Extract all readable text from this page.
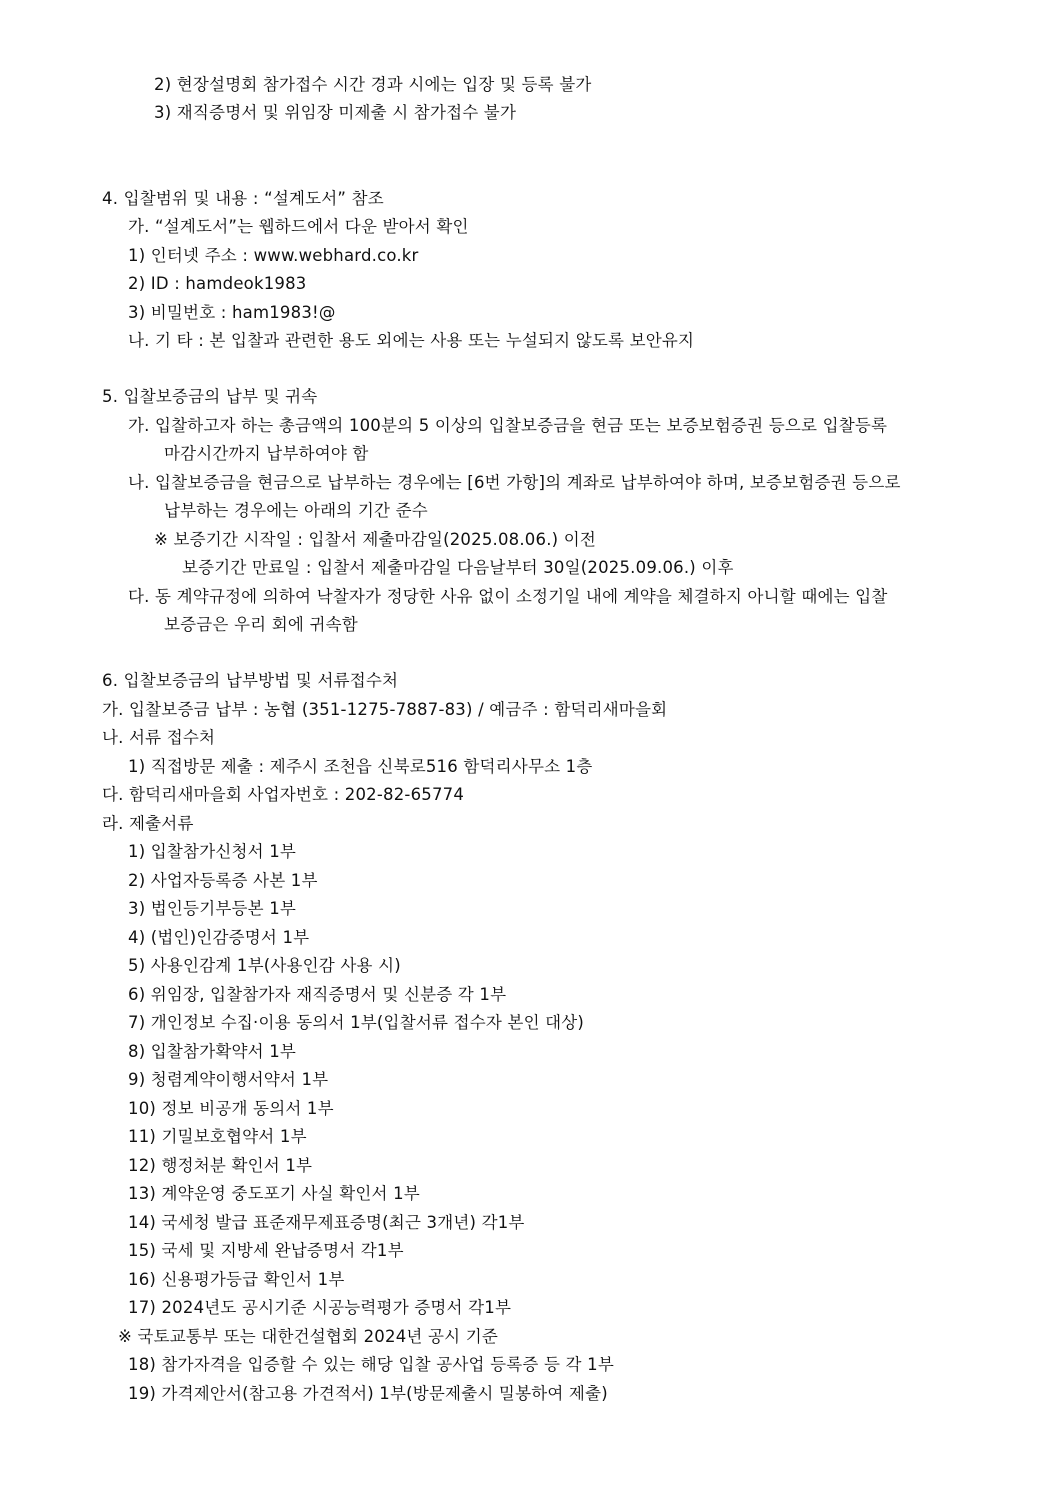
2) 현장설명회 참가접수 시간 경과 시에는 입장 및 등록 불가
3) 재직증명서 및 위임장 미제출 시 참가접수 불가
4. 입찰범위 및 내용 : “설계도서” 참조
가. “설계도서”는 웹하드에서 다운 받아서 확인
1) 인터넷 주소 : www.webhard.co.kr
2) ID : hamdeok1983
3) 비밀번호 : ham1983!@
나. 기 타 : 본 입찰과 관련한 용도 외에는 사용 또는 누설되지 않도록 보안유지
5. 입찰보증금의 납부 및 귀속
가. 입찰하고자 하는 총금액의 100분의 5 이상의 입찰보증금을 현금 또는 보증보험증권 등으로 입찰등록
마감시간까지 납부하여야 함
나. 입찰보증금을 현금으로 납부하는 경우에는 [6번 가항]의 계좌로 납부하여야 하며, 보증보험증권 등으로
납부하는 경우에는 아래의 기간 준수
※ 보증기간 시작일 : 입찰서 제출마감일(2025.08.06.) 이전
보증기간 만료일 : 입찰서 제출마감일 다음날부터 30일(2025.09.06.) 이후
다. 동 계약규정에 의하여 낙찰자가 정당한 사유 없이 소정기일 내에 계약을 체결하지 아니할 때에는 입찰
보증금은 우리 회에 귀속함
6. 입찰보증금의 납부방법 및 서류접수처
가. 입찰보증금 납부 : 농협 (351-1275-7887-83) / 예금주 : 함덕리새마을회
나. 서류 접수처
1) 직접방문 제출 : 제주시 조천읍 신북로516 함덕리사무소 1층
다. 함덕리새마을회 사업자번호 : 202-82-65774
라. 제출서류
1) 입찰참가신청서 1부
2) 사업자등록증 사본 1부
3) 법인등기부등본 1부
4) (법인)인감증명서 1부
5) 사용인감계 1부(사용인감 사용 시)
6) 위임장, 입찰참가자 재직증명서 및 신분증 각 1부
7) 개인정보 수집·이용 동의서 1부(입찰서류 접수자 본인 대상)
8) 입찰참가확약서 1부
9) 청렴계약이행서약서 1부
10) 정보 비공개 동의서 1부
11) 기밀보호협약서 1부
12) 행정처분 확인서 1부
13) 계약운영 중도포기 사실 확인서 1부
14) 국세청 발급 표준재무제표증명(최근 3개년) 각1부
15) 국세 및 지방세 완납증명서 각1부
16) 신용평가등급 확인서 1부
17) 2024년도 공시기준 시공능력평가 증명서 각1부
※ 국토교통부 또는 대한건설협회 2024년 공시 기준
18) 참가자격을 입증할 수 있는 해당 입찰 공사업 등록증 등 각 1부
19) 가격제안서(참고용 가견적서) 1부(방문제출시 밀봉하여 제출)
